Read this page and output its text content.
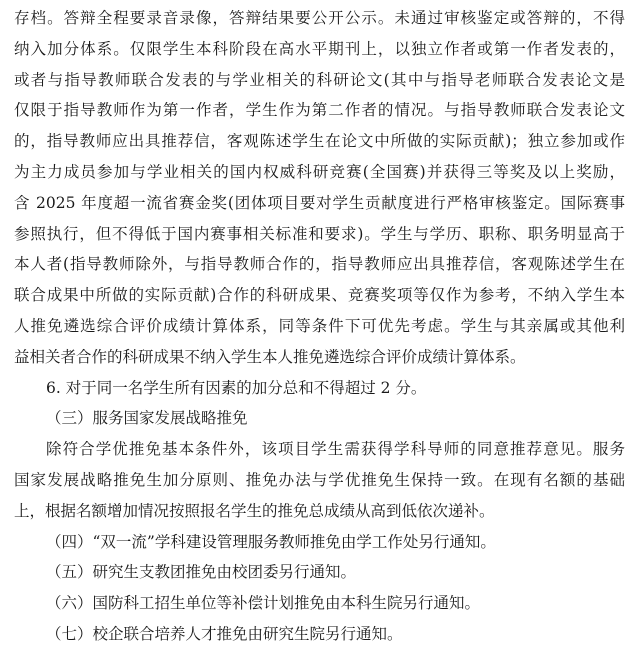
存档。答辩全程要录音录像，答辩结果要公开公示。未通过审核鉴定或答辩的，不得
纳入加分体系。仅限学生本科阶段在高水平期刊上，以独立作者或第一作者发表的，
或者与指导教师联合发表的与学业相关的科研论文(其中与指导老师联合发表论文是
仅限于指导教师作为第一作者，学生作为第二作者的情况。与指导教师联合发表论文
的，指导教师应出具推荐信，客观陈述学生在论文中所做的实际贡献)；独立参加或作
为主力成员参加与学业相关的国内权威科研竞赛(全国赛)并获得三等奖及以上奖励，
含 2025 年度超一流省赛金奖(团体项目要对学生贡献度进行严格审核鉴定。国际赛事
参照执行，但不得低于国内赛事相关标准和要求)。学生与学历、职称、职务明显高于
本人者(指导教师除外，与指导教师合作的，指导教师应出具推荐信，客观陈述学生在
联合成果中所做的实际贡献)合作的科研成果、竞赛奖项等仅作为参考，不纳入学生本
人推免遴选综合评价成绩计算体系，同等条件下可优先考虑。学生与其亲属或其他利
益相关者合作的科研成果不纳入学生本人推免遴选综合评价成绩计算体系。
6. 对于同一名学生所有因素的加分总和不得超过 2 分。
（三）服务国家发展战略推免
除符合学优推免基本条件外，该项目学生需获得学科导师的同意推荐意见。服务
国家发展战略推免生加分原则、推免办法与学优推免生保持一致。在现有名额的基础
上，根据名额增加情况按照报名学生的推免总成绩从高到低依次递补。
（四）“双一流”学科建设管理服务教师推免由学工作处另行通知。
（五）研究生支教团推免由校团委另行通知。
（六）国防科工招生单位等补偿计划推免由本科生院另行通知。
（七）校企联合培养人才推免由研究生院另行通知。
